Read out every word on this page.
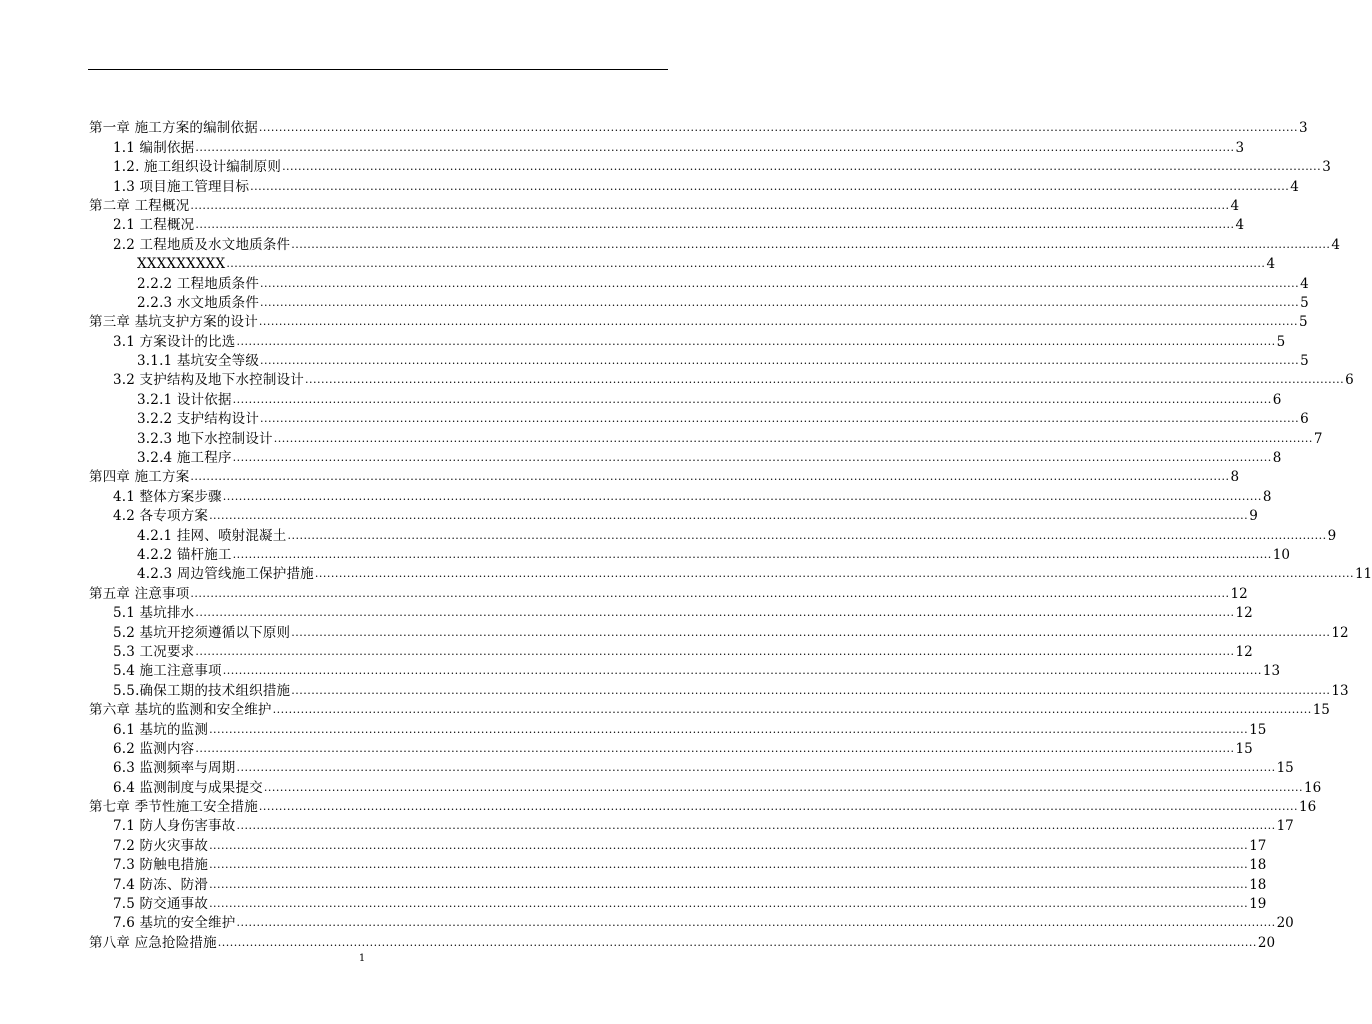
第一章 施工方案的编制依据 .................................................................................................................................................................................................................................................................... 3
1.1 编制依据 .................................................................................................................................................................................................................................................................... 3
1.2. 施工组织设计编制原则 .................................................................................................................................................................................................................................................................... 3
1.3 项目施工管理目标 .................................................................................................................................................................................................................................................................... 4
第二章 工程概况 .................................................................................................................................................................................................................................................................... 4
2.1 工程概况 .................................................................................................................................................................................................................................................................... 4
2.2 工程地质及水文地质条件 .................................................................................................................................................................................................................................................................... 4
XXXXXXXXX .................................................................................................................................................................................................................................................................... 4
2.2.2 工程地质条件 .................................................................................................................................................................................................................................................................... 4
2.2.3 水文地质条件 .................................................................................................................................................................................................................................................................... 5
第三章 基坑支护方案的设计 .................................................................................................................................................................................................................................................................... 5
3.1 方案设计的比选 .................................................................................................................................................................................................................................................................... 5
3.1.1 基坑安全等级 .................................................................................................................................................................................................................................................................... 5
3.2 支护结构及地下水控制设计 .................................................................................................................................................................................................................................................................... 6
3.2.1 设计依据 .................................................................................................................................................................................................................................................................... 6
3.2.2 支护结构设计 .................................................................................................................................................................................................................................................................... 6
3.2.3 地下水控制设计 .................................................................................................................................................................................................................................................................... 7
3.2.4 施工程序 .................................................................................................................................................................................................................................................................... 8
第四章 施工方案 .................................................................................................................................................................................................................................................................... 8
4.1 整体方案步骤 .................................................................................................................................................................................................................................................................... 8
4.2 各专项方案 .................................................................................................................................................................................................................................................................... 9
4.2.1 挂网、喷射混凝土 .................................................................................................................................................................................................................................................................... 9
4.2.2 锚杆施工 .................................................................................................................................................................................................................................................................... 10
4.2.3 周边管线施工保护措施 .................................................................................................................................................................................................................................................................... 11
第五章 注意事项 .................................................................................................................................................................................................................................................................... 12
5.1 基坑排水 .................................................................................................................................................................................................................................................................... 12
5.2 基坑开挖须遵循以下原则 .................................................................................................................................................................................................................................................................... 12
5.3 工况要求 .................................................................................................................................................................................................................................................................... 12
5.4 施工注意事项 .................................................................................................................................................................................................................................................................... 13
5.5.确保工期的技术组织措施 .................................................................................................................................................................................................................................................................... 13
第六章 基坑的监测和安全维护 .................................................................................................................................................................................................................................................................... 15
6.1 基坑的监测 .................................................................................................................................................................................................................................................................... 15
6.2 监测内容 .................................................................................................................................................................................................................................................................... 15
6.3 监测频率与周期 .................................................................................................................................................................................................................................................................... 15
6.4 监测制度与成果提交 .................................................................................................................................................................................................................................................................... 16
第七章 季节性施工安全措施 .................................................................................................................................................................................................................................................................... 16
7.1 防人身伤害事故 .................................................................................................................................................................................................................................................................... 17
7.2 防火灾事故 .................................................................................................................................................................................................................................................................... 17
7.3 防触电措施 .................................................................................................................................................................................................................................................................... 18
7.4 防冻、防滑 .................................................................................................................................................................................................................................................................... 18
7.5 防交通事故 .................................................................................................................................................................................................................................................................... 19
7.6 基坑的安全维护 .................................................................................................................................................................................................................................................................... 20
第八章 应急抢险措施 .................................................................................................................................................................................................................................................................... 20
1
